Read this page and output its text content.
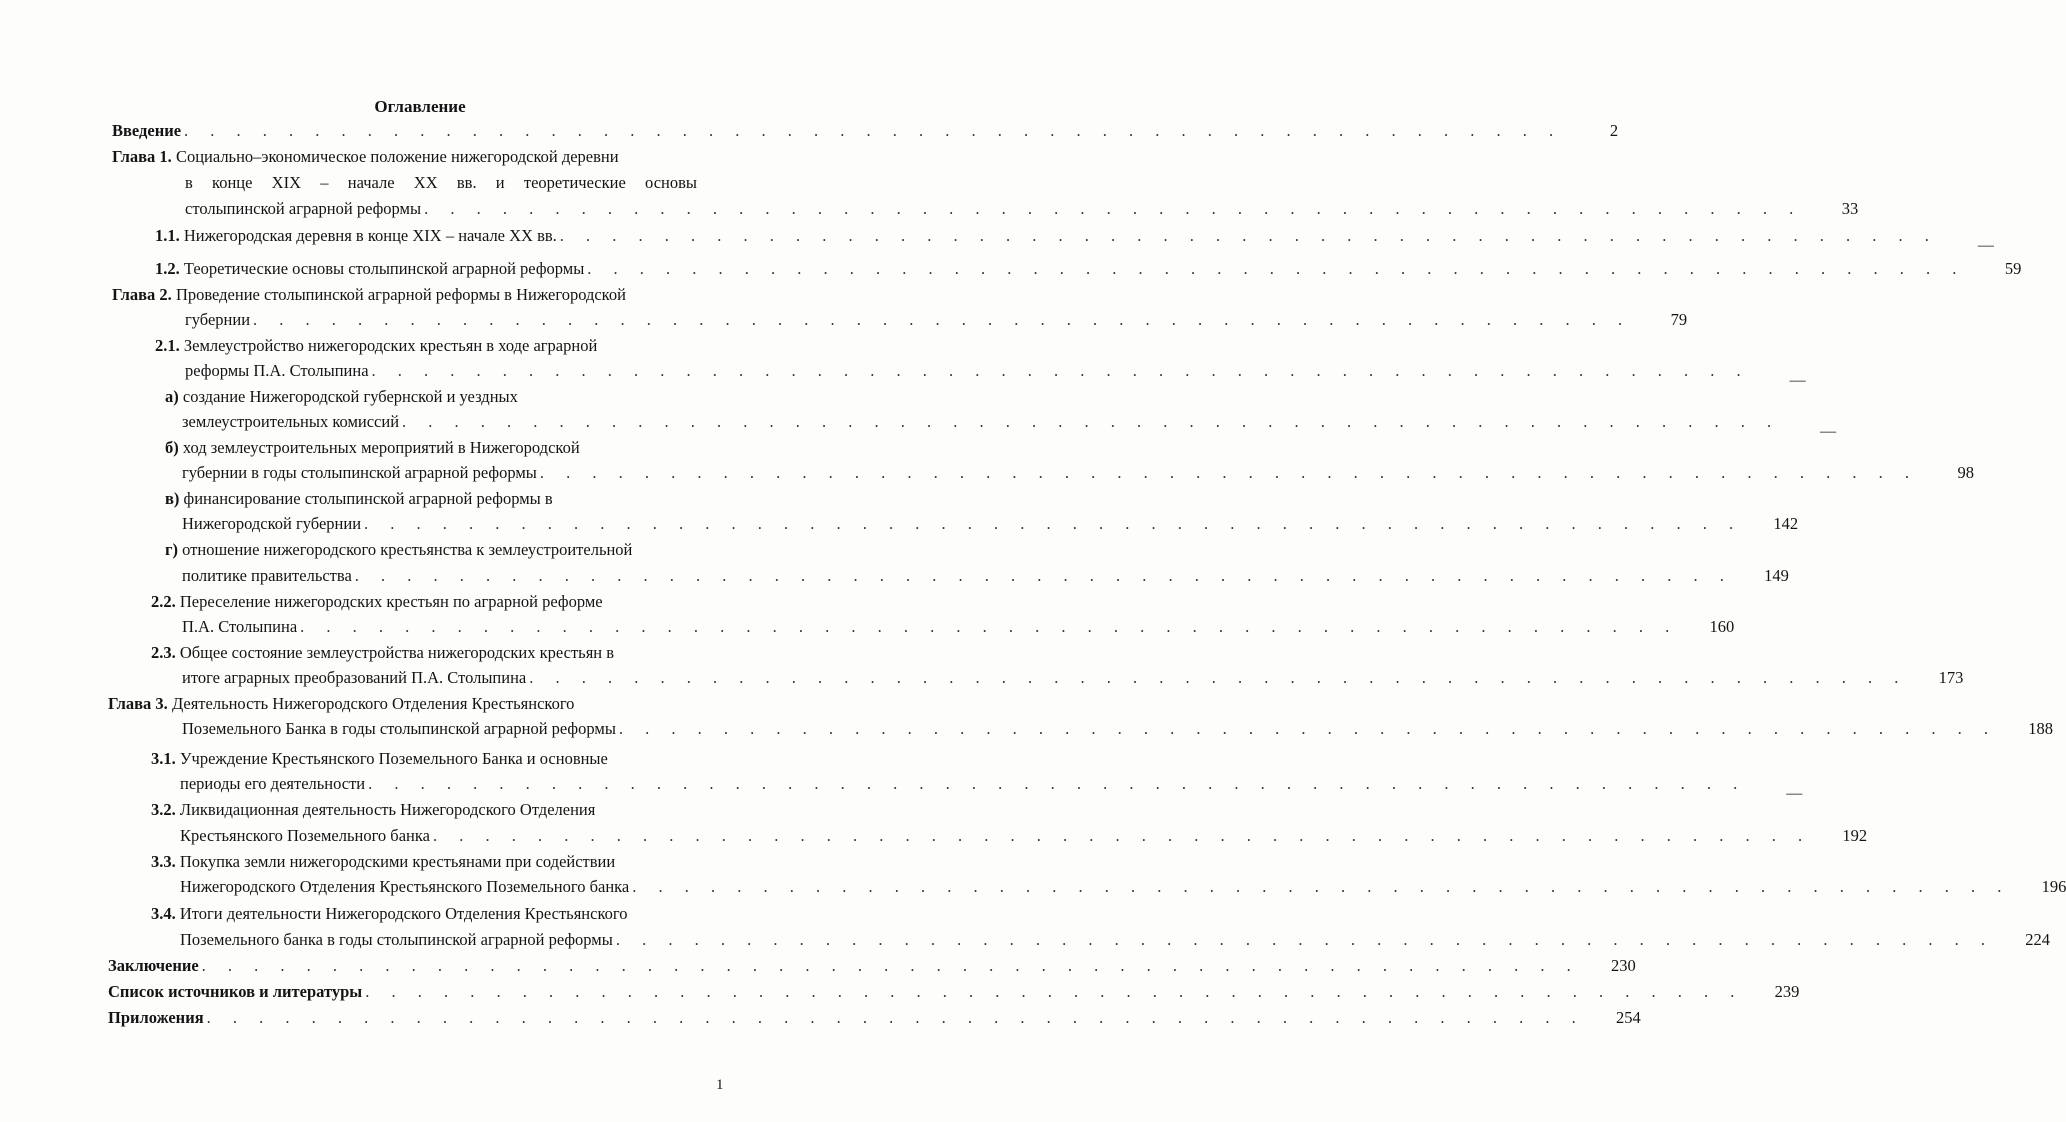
Оглавление
Введение . . . . . . . . . . . . . . . . . . . . . . . . . . . . . . . . . . . . . . . . . . . . . . . . . . . . .	2
Глава 1. Социально–экономическое положение нижегородской деревни
в конце XIX – начале XX вв. и теоретические основы
столыпинской аграрной реформы . . . . . . . . . . . . . . . . . . . . . . . . . . . . . . . . . . . . . . . . . . . . . . . . . . . . .	33
1.1. Нижегородская деревня в конце XIX – начале XX вв. . . . . . . . . . . . . . . . . . . . . . . . . . . . . . . . . . . . . . . . . . . . . . . . . . . . . .
—
1.2. Теоретические основы столыпинской аграрной реформы . . . . . . . . . . . . . . . . . . . . . . . . . . . . . . . . . . . . . . . . . . . . . . . . . . . . .	59
Глава 2. Проведение столыпинской аграрной реформы в Нижегородской
губернии . . . . . . . . . . . . . . . . . . . . . . . . . . . . . . . . . . . . . . . . . . . . . . . . . . . . .	79
2.1. Землеустройство нижегородских крестьян в ходе аграрной
реформы П.А. Столыпина . . . . . . . . . . . . . . . . . . . . . . . . . . . . . . . . . . . . . . . . . . . . . . . . . . . . .
—
а) создание Нижегородской губернской и уездных
землеустроительных комиссий . . . . . . . . . . . . . . . . . . . . . . . . . . . . . . . . . . . . . . . . . . . . . . . . . . . . .
—
б) ход землеустроительных мероприятий в Нижегородской
губернии в годы столыпинской аграрной реформы . . . . . . . . . . . . . . . . . . . . . . . . . . . . . . . . . . . . . . . . . . . . . . . . . . . . .	98
в) финансирование столыпинской аграрной реформы в
Нижегородской губернии . . . . . . . . . . . . . . . . . . . . . . . . . . . . . . . . . . . . . . . . . . . . . . . . . . . . .	142
г) отношение нижегородского крестьянства к землеустроительной
политике правительства . . . . . . . . . . . . . . . . . . . . . . . . . . . . . . . . . . . . . . . . . . . . . . . . . . . . .	149
2.2. Переселение нижегородских крестьян по аграрной реформе
П.А. Столыпина . . . . . . . . . . . . . . . . . . . . . . . . . . . . . . . . . . . . . . . . . . . . . . . . . . . . .	160
2.3. Общее состояние землеустройства нижегородских крестьян в
итоге аграрных преобразований П.А. Столыпина . . . . . . . . . . . . . . . . . . . . . . . . . . . . . . . . . . . . . . . . . . . . . . . . . . . . .	173
Глава 3. Деятельность Нижегородского Отделения Крестьянского
Поземельного Банка в годы столыпинской аграрной реформы . . . . . . . . . . . . . . . . . . . . . . . . . . . . . . . . . . . . . . . . . . . . . . . . . . . . .	188
3.1. Учреждение Крестьянского Поземельного Банка и основные
периоды его деятельности . . . . . . . . . . . . . . . . . . . . . . . . . . . . . . . . . . . . . . . . . . . . . . . . . . . . .
—
3.2. Ликвидационная деятельность Нижегородского Отделения
Крестьянского Поземельного банка . . . . . . . . . . . . . . . . . . . . . . . . . . . . . . . . . . . . . . . . . . . . . . . . . . . . .	192
3.3. Покупка земли нижегородскими крестьянами при содействии
Нижегородского Отделения Крестьянского Поземельного банка . . . . . . . . . . . . . . . . . . . . . . . . . . . . . . . . . . . . . . . . . . . . . . . . . . . . .	196
3.4. Итоги деятельности Нижегородского Отделения Крестьянского
Поземельного банка в годы столыпинской аграрной реформы . . . . . . . . . . . . . . . . . . . . . . . . . . . . . . . . . . . . . . . . . . . . . . . . . . . . .	224
Заключение . . . . . . . . . . . . . . . . . . . . . . . . . . . . . . . . . . . . . . . . . . . . . . . . . . . . .	230
Список источников и литературы . . . . . . . . . . . . . . . . . . . . . . . . . . . . . . . . . . . . . . . . . . . . . . . . . . . . .	239
Приложения . . . . . . . . . . . . . . . . . . . . . . . . . . . . . . . . . . . . . . . . . . . . . . . . . . . . .	254
1
